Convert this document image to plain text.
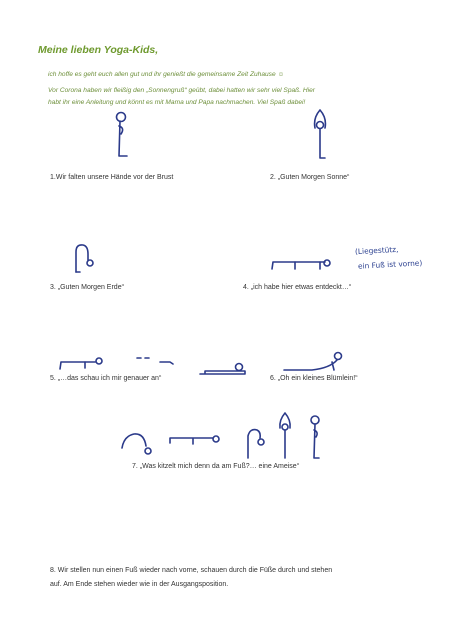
Meine lieben Yoga-Kids,
ich hoffe es geht euch allen gut und ihr genießt die gemeinsame Zeit Zuhause ☺
Vor Corona haben wir fleißig den „Sonnengruß“ geübt, dabei hatten wir sehr viel Spaß. Hier
habt ihr eine Anleitung und könnt es mit Mama und Papa nachmachen. Viel Spaß dabei!
1.Wir falten unsere Hände vor der Brust	2. „Guten Morgen Sonne“
3. „Guten Morgen Erde“
(Liegestütz,
ein Fuß ist vorne)
4. „ich habe hier etwas entdeckt…“
5. „…das schau ich mir genauer an“	6. „Oh ein kleines Blümlein!“
7. „Was kitzelt mich denn da am Fuß?… eine Ameise“
8. Wir stellen nun einen Fuß wieder nach vorne, schauen durch die Füße durch und stehen
auf. Am Ende stehen wieder wie in der Ausgangsposition.
